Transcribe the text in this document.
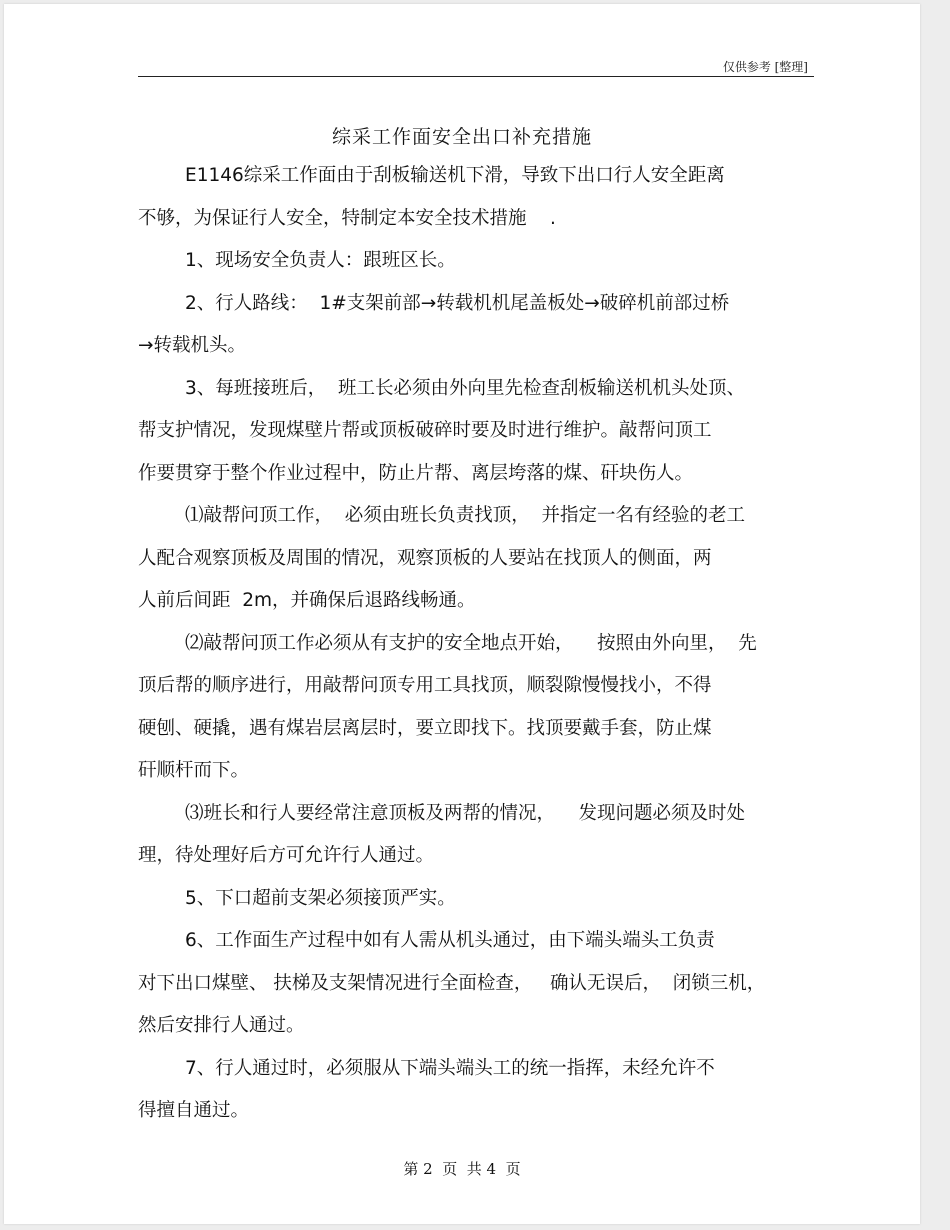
仅供参考 [整理]
综采工作面安全出口补充措施
E1146综采工作面由于刮板输送机下滑，导致下出口行人安全距离
不够，为保证行人安全，特制定本安全技术措施    .
1、现场安全负责人：跟班区长。
2、行人路线：  1#支架前部→转载机机尾盖板处→破碎机前部过桥
→转载机头。
3、每班接班后，  班工长必须由外向里先检查刮板输送机机头处顶、
帮支护情况，发现煤壁片帮或顶板破碎时要及时进行维护。敲帮问顶工
作要贯穿于整个作业过程中，防止片帮、离层垮落的煤、矸块伤人。
⑴敲帮问顶工作，  必须由班长负责找顶，  并指定一名有经验的老工
人配合观察顶板及周围的情况，观察顶板的人要站在找顶人的侧面，两
人前后间距  2m，并确保后退路线畅通。
⑵敲帮问顶工作必须从有支护的安全地点开始，    按照由外向里，  先
顶后帮的顺序进行，用敲帮问顶专用工具找顶，顺裂隙慢慢找小，不得
硬刨、硬撬，遇有煤岩层离层时，要立即找下。找顶要戴手套，防止煤
矸顺杆而下。
⑶班长和行人要经常注意顶板及两帮的情况，    发现问题必须及时处
理，待处理好后方可允许行人通过。
5、下口超前支架必须接顶严实。
6、工作面生产过程中如有人需从机头通过，由下端头端头工负责
对下出口煤壁、 扶梯及支架情况进行全面检查，   确认无误后，  闭锁三机，
然后安排行人通过。
7、行人通过时，必须服从下端头端头工的统一指挥，未经允许不
得擅自通过。
第 2  页  共 4  页
